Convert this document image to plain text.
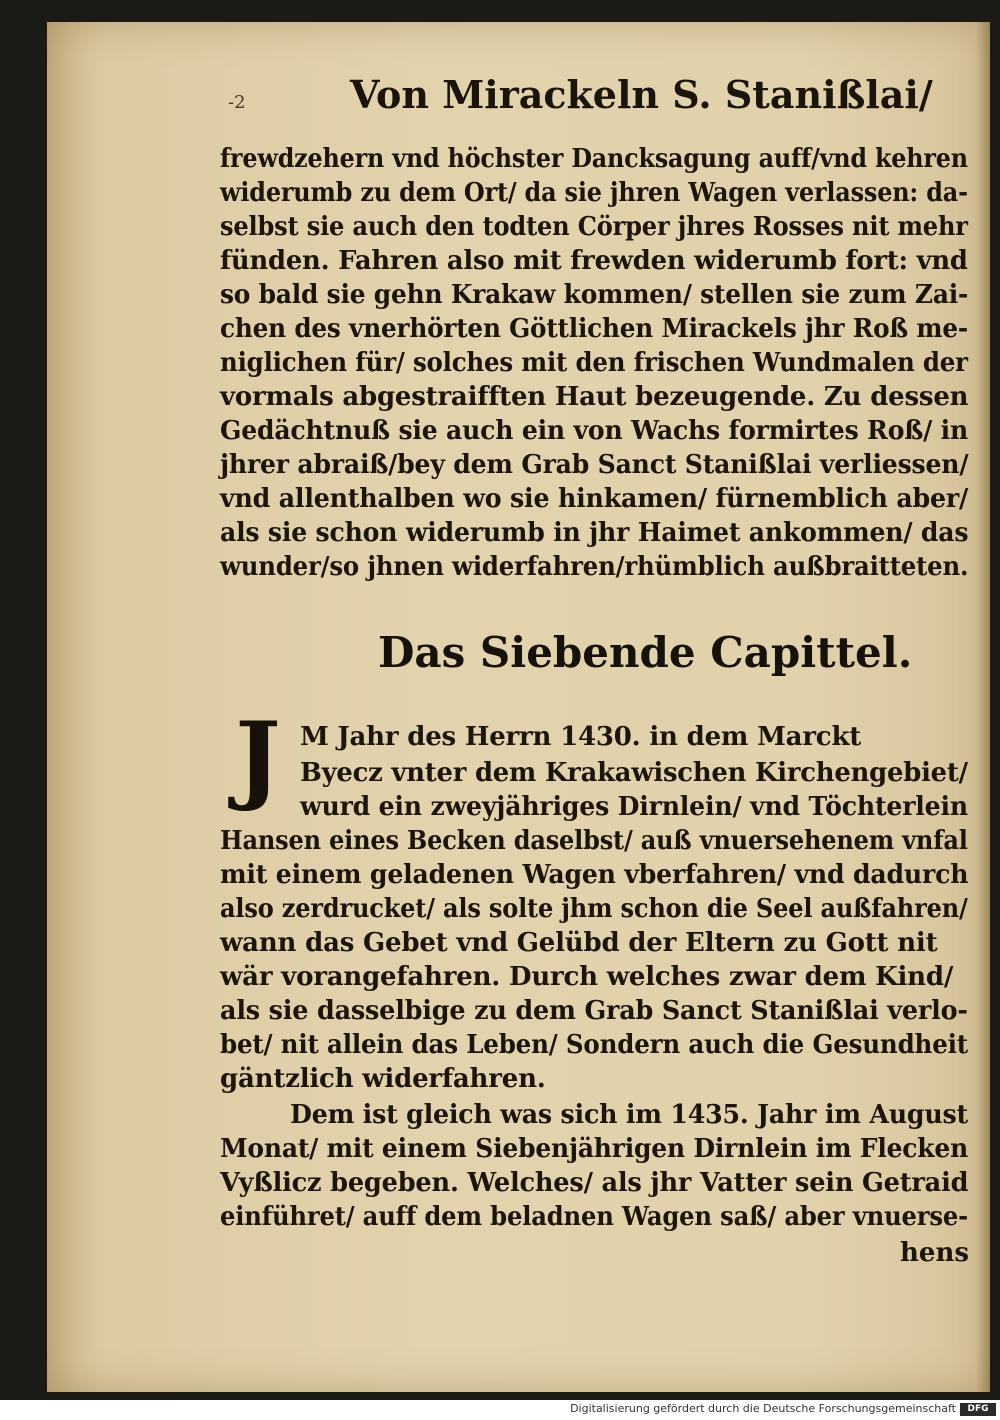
-2	Von Mirackeln S. Stanißlai/
frewdzehern vnd höchster Dancksagung auff/vnd kehren
widerumb zu dem Ort/ da sie jhren Wagen verlassen: da-
selbst sie auch den todten Cörper jhres Rosses nit mehr
fünden. Fahren also mit frewden widerumb fort: vnd
so bald sie gehn Krakaw kommen/ stellen sie zum Zai-
chen des vnerhörten Göttlichen Mirackels jhr Roß me-
niglichen für/ solches mit den frischen Wundmalen der
vormals abgestraifften Haut bezeugende. Zu dessen
Gedächtnuß sie auch ein von Wachs formirtes Roß/ in
jhrer abraiß/bey dem Grab Sanct Stanißlai verliessen/
vnd allenthalben wo sie hinkamen/ fürnemblich aber/
als sie schon widerumb in jhr Haimet ankommen/ das
wunder/so jhnen widerfahren/rhümblich außbraitteten.
Das Siebende Capittel.
J M Jahr des Herrn 1430. in dem Marckt
Byecz vnter dem Krakawischen Kirchengebiet/
wurd ein zweyjähriges Dirnlein/ vnd Töchterlein
Hansen eines Becken daselbst/ auß vnuersehenem vnfal
mit einem geladenen Wagen vberfahren/ vnd dadurch
also zerdrucket/ als solte jhm schon die Seel außfahren/
wann das Gebet vnd Gelübd der Eltern zu Gott nit
wär vorangefahren. Durch welches zwar dem Kind/
als sie dasselbige zu dem Grab Sanct Stanißlai verlo-
bet/ nit allein das Leben/ Sondern auch die Gesundheit
gäntzlich widerfahren.
Dem ist gleich was sich im 1435. Jahr im August
Monat/ mit einem Siebenjährigen Dirnlein im Flecken
Vyßlicz begeben. Welches/ als jhr Vatter sein Getraid
einführet/ auff dem beladnen Wagen saß/ aber vnuerse-
hens
Digitalisierung gefördert durch die Deutsche Forschungsgemeinschaft	DFG
